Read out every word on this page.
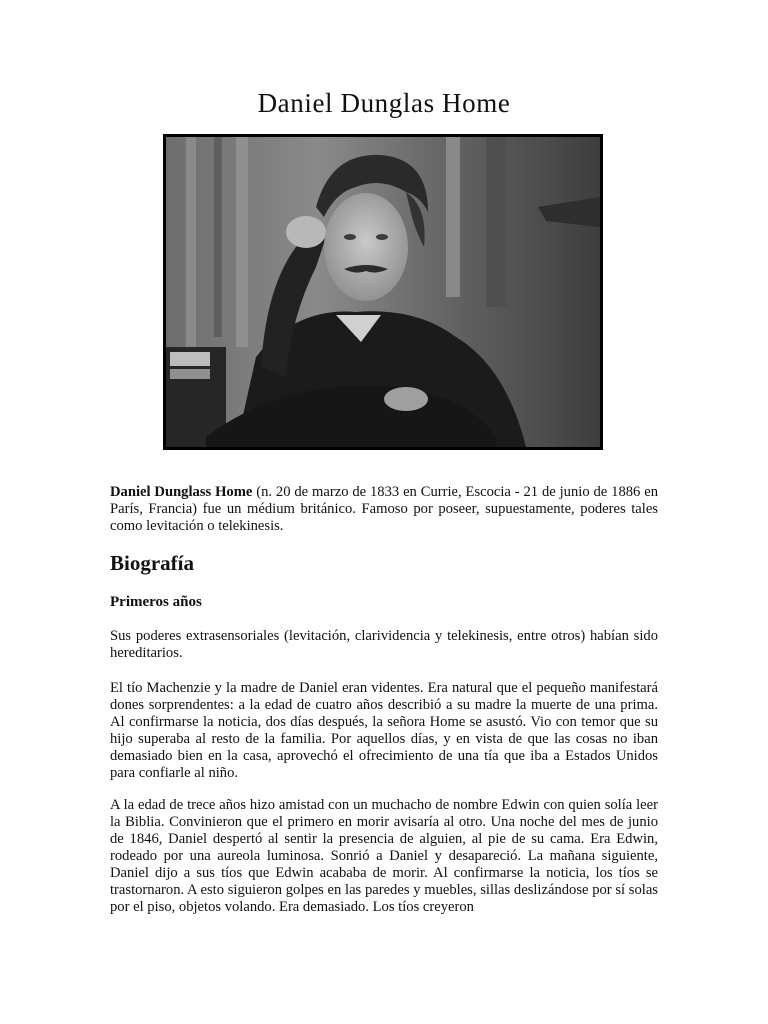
Daniel Dunglas Home

Daniel Dunglass Home (n. 20 de marzo de 1833 en Currie, Escocia - 21 de junio de 1886 en París, Francia) fue un médium británico. Famoso por poseer, supuestamente, poderes tales como levitación o telekinesis.

Biografía
Primeros años

Sus poderes extrasensoriales (levitación, clarividencia y telekinesis, entre otros) habían sido hereditarios.

El tío Machenzie y la madre de Daniel eran videntes. Era natural que el pequeño manifestará dones sorprendentes: a la edad de cuatro años describió a su madre la muerte de una prima. Al confirmarse la noticia, dos días después, la señora Home se asustó. Vio con temor que su hijo superaba al resto de la familia. Por aquellos días, y en vista de que las cosas no iban demasiado bien en la casa, aprovechó el ofrecimiento de una tía que iba a Estados Unidos para confiarle al niño.

A la edad de trece años hizo amistad con un muchacho de nombre Edwin con quien solía leer la Biblia. Convinieron que el primero en morir avisaría al otro. Una noche del mes de junio de 1846, Daniel despertó al sentir la presencia de alguien, al pie de su cama. Era Edwin, rodeado por una aureola luminosa. Sonrió a Daniel y desapareció. La mañana siguiente, Daniel dijo a sus tíos que Edwin acababa de morir. Al confirmarse la noticia, los tíos se trastornaron. A esto siguieron golpes en las paredes y muebles, sillas deslizándose por sí solas por el piso, objetos volando. Era demasiado. Los tíos creyeron
